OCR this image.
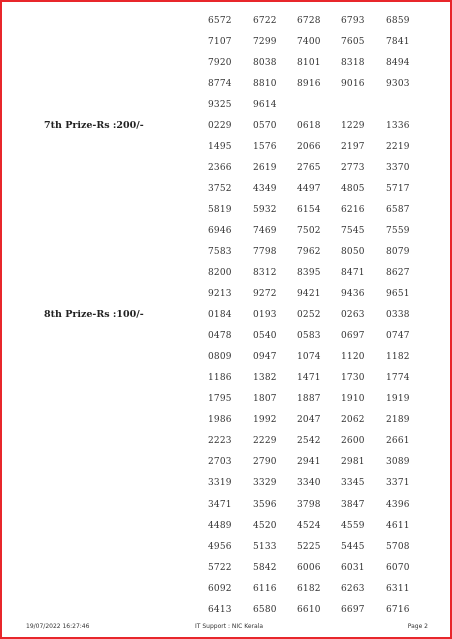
6572 6722 6728 6793 6859
7107 7299 7400 7605 7841
7920 8038 8101 8318 8494
8774 8810 8916 9016 9303
9325 9614
7th Prize-Rs :200/-	0229 0570 0618 1229 1336
1495 1576 2066 2197 2219
2366 2619 2765 2773 3370
3752 4349 4497 4805 5717
5819 5932 6154 6216 6587
6946 7469 7502 7545 7559
7583 7798 7962 8050 8079
8200 8312 8395 8471 8627
9213 9272 9421 9436 9651
8th Prize-Rs :100/-	0184 0193 0252 0263 0338
0478 0540 0583 0697 0747
0809 0947 1074 1120 1182
1186 1382 1471 1730 1774
1795 1807 1887 1910 1919
1986 1992 2047 2062 2189
2223 2229 2542 2600 2661
2703 2790 2941 2981 3089
3319 3329 3340 3345 3371
3471 3596 3798 3847 4396
4489 4520 4524 4559 4611
4956 5133 5225 5445 5708
5722 5842 6006 6031 6070
6092 6116 6182 6263 6311
6413 6580 6610 6697 6716
19/07/2022 16:27:46	IT Support : NIC Kerala	Page 2
